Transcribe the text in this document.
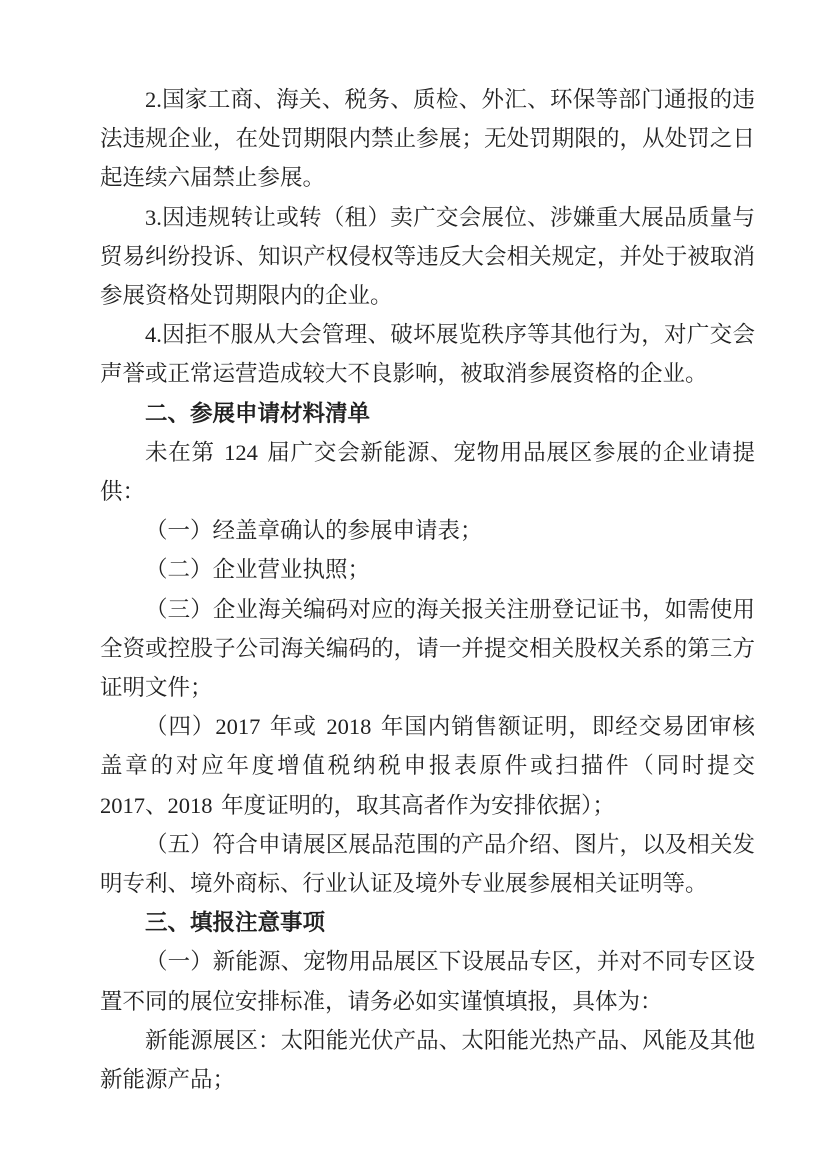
2.国家工商、海关、税务、质检、外汇、环保等部门通报的违法违规企业，在处罚期限内禁止参展；无处罚期限的，从处罚之日起连续六届禁止参展。

3.因违规转让或转（租）卖广交会展位、涉嫌重大展品质量与贸易纠纷投诉、知识产权侵权等违反大会相关规定，并处于被取消参展资格处罚期限内的企业。

4.因拒不服从大会管理、破坏展览秩序等其他行为，对广交会声誉或正常运营造成较大不良影响，被取消参展资格的企业。

二、参展申请材料清单

未在第 124 届广交会新能源、宠物用品展区参展的企业请提供：

（一）经盖章确认的参展申请表；

（二）企业营业执照；

（三）企业海关编码对应的海关报关注册登记证书，如需使用全资或控股子公司海关编码的，请一并提交相关股权关系的第三方证明文件；

（四）2017 年或 2018 年国内销售额证明，即经交易团审核盖章的对应年度增值税纳税申报表原件或扫描件（同时提交 2017、2018 年度证明的，取其高者作为安排依据）；

（五）符合申请展区展品范围的产品介绍、图片，以及相关发明专利、境外商标、行业认证及境外专业展参展相关证明等。

三、填报注意事项

（一）新能源、宠物用品展区下设展品专区，并对不同专区设置不同的展位安排标准，请务必如实谨慎填报，具体为：

新能源展区：太阳能光伏产品、太阳能光热产品、风能及其他新能源产品；
